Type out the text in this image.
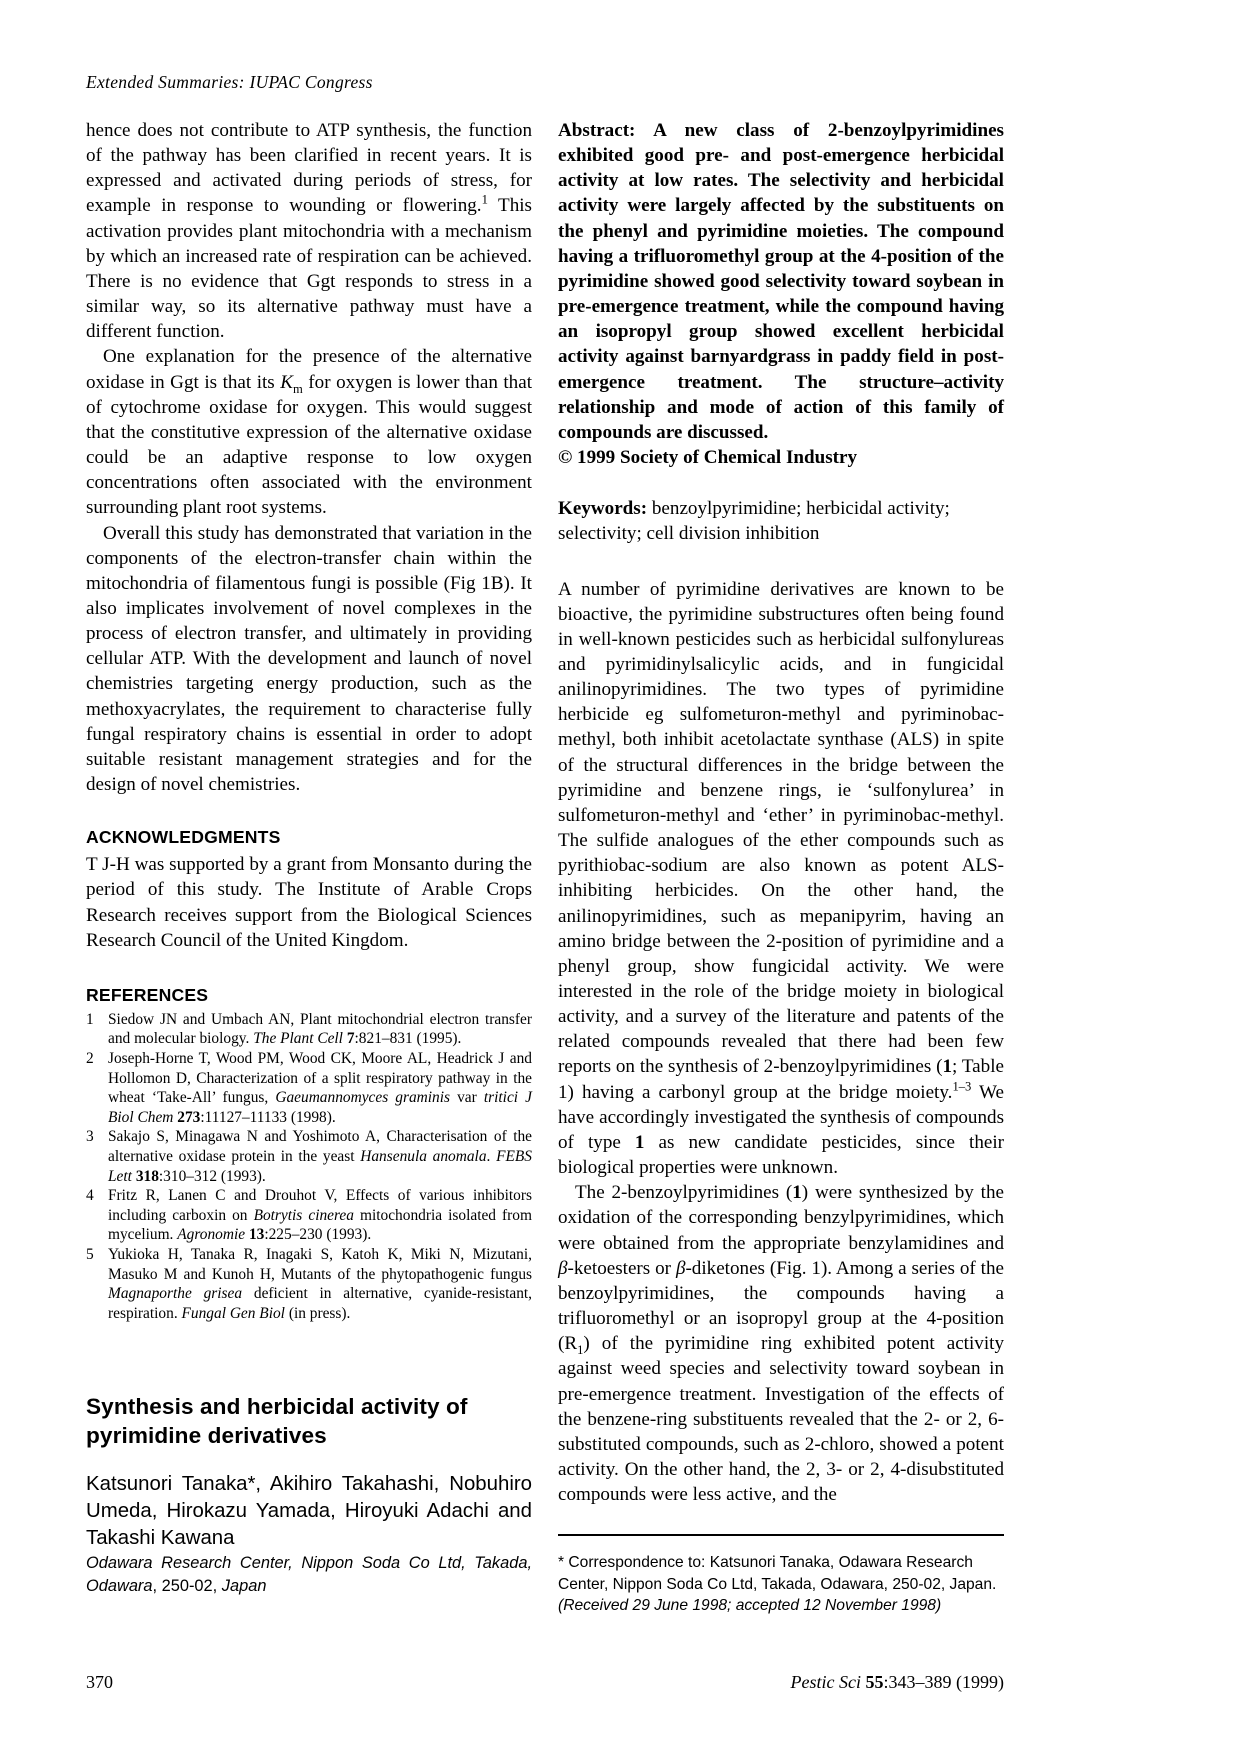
Extended Summaries: IUPAC Congress

hence does not contribute to ATP synthesis, the function of the pathway has been clarified in recent years. It is expressed and activated during periods of stress, for example in response to wounding or flowering.$^1$ This activation provides plant mitochondria with a mechanism by which an increased rate of respiration can be achieved. There is no evidence that Ggt responds to stress in a similar way, so its alternative pathway must have a different function.

One explanation for the presence of the alternative oxidase in Ggt is that its $K_m$ for oxygen is lower than that of cytochrome oxidase for oxygen. This would suggest that the constitutive expression of the alternative oxidase could be an adaptive response to low oxygen concentrations often associated with the environment surrounding plant root systems.

Overall this study has demonstrated that variation in the components of the electron-transfer chain within the mitochondria of filamentous fungi is possible (Fig 1B). It also implicates involvement of novel complexes in the process of electron transfer, and ultimately in providing cellular ATP. With the development and launch of novel chemistries targeting energy production, such as the methoxyacrylates, the requirement to characterise fully fungal respiratory chains is essential in order to adopt suitable resistant management strategies and for the design of novel chemistries.

ACKNOWLEDGMENTS

T J-H was supported by a grant from Monsanto during the period of this study. The Institute of Arable Crops Research receives support from the Biological Sciences Research Council of the United Kingdom.

REFERENCES
1 Siedow JN and Umbach AN, Plant mitochondrial electron transfer and molecular biology. The Plant Cell 7:821–831 (1995).
2 Joseph-Horne T, Wood PM, Wood CK, Moore AL, Headrick J and Hollomon D, Characterization of a split respiratory pathway in the wheat ‘Take-All’ fungus, Gaeumannomyces graminis var tritici J Biol Chem 273:11127–11133 (1998).
3 Sakajo S, Minagawa N and Yoshimoto A, Characterisation of the alternative oxidase protein in the yeast Hansenula anomala. FEBS Lett 318:310–312 (1993).
4 Fritz R, Lanen C and Drouhot V, Effects of various inhibitors including carboxin on Botrytis cinerea mitochondria isolated from mycelium. Agronomie 13:225–230 (1993).
5 Yukioka H, Tanaka R, Inagaki S, Katoh K, Miki N, Mizutani, Masuko M and Kunoh H, Mutants of the phytopathogenic fungus Magnaporthe grisea deficient in alternative, cyanide-resistant, respiration. Fungal Gen Biol (in press).
Synthesis and herbicidal activity of pyrimidine derivatives

Katsunori Tanaka*, Akihiro Takahashi, Nobuhiro Umeda, Hirokazu Yamada, Hiroyuki Adachi and Takashi Kawana

Odawara Research Center, Nippon Soda Co Ltd, Takada, Odawara, 250-02, Japan

Abstract: A new class of 2-benzoylpyrimidines exhibited good pre- and post-emergence herbicidal activity at low rates. The selectivity and herbicidal activity were largely affected by the substituents on the phenyl and pyrimidine moieties. The compound having a trifluoromethyl group at the 4-position of the pyrimidine showed good selectivity toward soybean in pre-emergence treatment, while the compound having an isopropyl group showed excellent herbicidal activity against barnyardgrass in paddy field in post-emergence treatment. The structure–activity relationship and mode of action of this family of compounds are discussed.
© 1999 Society of Chemical Industry

Keywords: benzoylpyrimidine; herbicidal activity; selectivity; cell division inhibition

A number of pyrimidine derivatives are known to be bioactive, the pyrimidine substructures often being found in well-known pesticides such as herbicidal sulfonylureas and pyrimidinylsalicylic acids, and in fungicidal anilinopyrimidines. The two types of pyrimidine herbicide eg sulfometuron-methyl and pyriminobac-methyl, both inhibit acetolactate synthase (ALS) in spite of the structural differences in the bridge between the pyrimidine and benzene rings, ie ‘sulfonylurea’ in sulfometuron-methyl and ‘ether’ in pyriminobac-methyl. The sulfide analogues of the ether compounds such as pyrithiobac-sodium are also known as potent ALS-inhibiting herbicides. On the other hand, the anilinopyrimidines, such as mepanipyrim, having an amino bridge between the 2-position of pyrimidine and a phenyl group, show fungicidal activity. We were interested in the role of the bridge moiety in biological activity, and a survey of the literature and patents of the related compounds revealed that there had been few reports on the synthesis of 2-benzoylpyrimidines (1; Table 1) having a carbonyl group at the bridge moiety.$^{1-3}$ We have accordingly investigated the synthesis of compounds of type 1 as new candidate pesticides, since their biological properties were unknown.

The 2-benzoylpyrimidines (1) were synthesized by the oxidation of the corresponding benzylpyrimidines, which were obtained from the appropriate benzylamidines and β-ketoesters or β-diketones (Fig. 1). Among a series of the benzoylpyrimidines, the compounds having a trifluoromethyl or an isopropyl group at the 4-position $(R_1)$ of the pyrimidine ring exhibited potent activity against weed species and selectivity toward soybean in pre-emergence treatment. Investigation of the effects of the benzene-ring substituents revealed that the 2- or 2, 6-substituted compounds, such as 2-chloro, showed a potent activity. On the other hand, the 2, 3- or 2, 4-disubstituted compounds were less active, and the

* Correspondence to: Katsunori Tanaka, Odawara Research
Center, Nippon Soda Co Ltd, Takada, Odawara, 250-02, Japan.
(Received 29 June 1998; accepted 12 November 1998)
370	Pestic Sci 55:343–389 (1999)
